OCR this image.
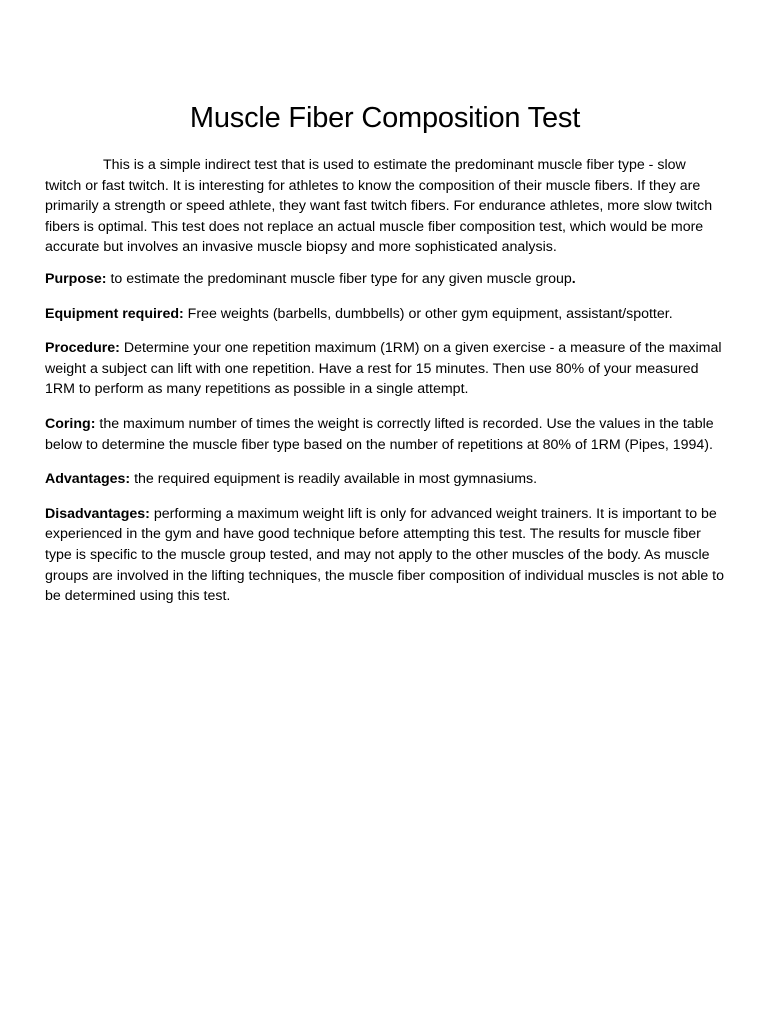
Muscle Fiber Composition Test

This is a simple indirect test that is used to estimate the predominant muscle fiber type - slow twitch or fast twitch. It is interesting for athletes to know the composition of their muscle fibers. If they are primarily a strength or speed athlete, they want fast twitch fibers. For endurance athletes, more slow twitch fibers is optimal. This test does not replace an actual muscle fiber composition test, which would be more accurate but involves an invasive muscle biopsy and more sophisticated analysis.

Purpose: to estimate the predominant muscle fiber type for any given muscle group.

Equipment required: Free weights (barbells, dumbbells) or other gym equipment, assistant/spotter.

Procedure: Determine your one repetition maximum (1RM) on a given exercise - a measure of the maximal weight a subject can lift with one repetition. Have a rest for 15 minutes. Then use 80% of your measured 1RM to perform as many repetitions as possible in a single attempt.

Coring: the maximum number of times the weight is correctly lifted is recorded. Use the values in the table below to determine the muscle fiber type based on the number of repetitions at 80% of 1RM (Pipes, 1994).

Advantages: the required equipment is readily available in most gymnasiums.

Disadvantages: performing a maximum weight lift is only for advanced weight trainers. It is important to be experienced in the gym and have good technique before attempting this test. The results for muscle fiber type is specific to the muscle group tested, and may not apply to the other muscles of the body. As muscle groups are involved in the lifting techniques, the muscle fiber composition of individual muscles is not able to be determined using this test.
